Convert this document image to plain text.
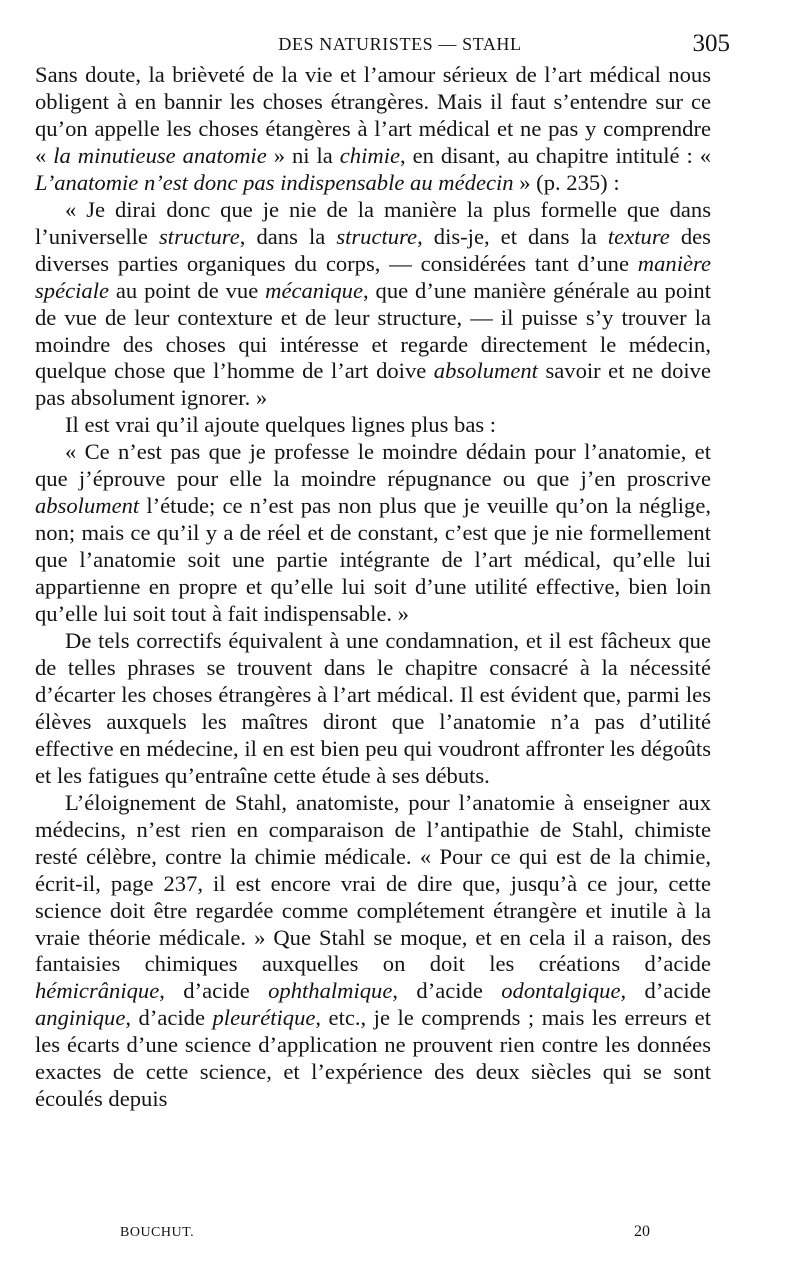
DES NATURISTES — STAHL	305

Sans doute, la brièveté de la vie et l’amour sérieux de l’art médical nous obligent à en bannir les choses étrangères. Mais il faut s’entendre sur ce qu’on appelle les choses étangères à l’art médical et ne pas y comprendre « la minutieuse anatomie » ni la chimie, en disant, au chapitre intitulé : « L’anatomie n’est donc pas indispensable au médecin » (p. 235) :

« Je dirai donc que je nie de la manière la plus formelle que dans l’universelle structure, dans la structure, dis-je, et dans la texture des diverses parties organiques du corps, — considérées tant d’une manière spéciale au point de vue mécanique, que d’une manière générale au point de vue de leur contexture et de leur structure, — il puisse s’y trouver la moindre des choses qui intéresse et regarde directement le médecin, quelque chose que l’homme de l’art doive absolument savoir et ne doive pas absolument ignorer. »

Il est vrai qu’il ajoute quelques lignes plus bas :

« Ce n’est pas que je professe le moindre dédain pour l’anatomie, et que j’éprouve pour elle la moindre répugnance ou que j’en proscrive absolument l’étude; ce n’est pas non plus que je veuille qu’on la néglige, non; mais ce qu’il y a de réel et de constant, c’est que je nie formellement que l’anatomie soit une partie intégrante de l’art médical, qu’elle lui appartienne en propre et qu’elle lui soit d’une utilité effective, bien loin qu’elle lui soit tout à fait indispensable. »

De tels correctifs équivalent à une condamnation, et il est fâcheux que de telles phrases se trouvent dans le chapitre consacré à la nécessité d’écarter les choses étrangères à l’art médical. Il est évident que, parmi les élèves auxquels les maîtres diront que l’anatomie n’a pas d’utilité effective en médecine, il en est bien peu qui voudront affronter les dégoûts et les fatigues qu’entraîne cette étude à ses débuts.

L’éloignement de Stahl, anatomiste, pour l’anatomie à enseigner aux médecins, n’est rien en comparaison de l’antipathie de Stahl, chimiste resté célèbre, contre la chimie médicale. « Pour ce qui est de la chimie, écrit-il, page 237, il est encore vrai de dire que, jusqu’à ce jour, cette science doit être regardée comme complétement étrangère et inutile à la vraie théorie médicale. » Que Stahl se moque, et en cela il a raison, des fantaisies chimiques auxquelles on doit les créations d’acide hémicrânique, d’acide ophthalmique, d’acide odontalgique, d’acide anginique, d’acide pleurétique, etc., je le comprends ; mais les erreurs et les écarts d’une science d’application ne prouvent rien contre les données exactes de cette science, et l’expérience des deux siècles qui se sont écoulés depuis

BOUCHUT.	20
